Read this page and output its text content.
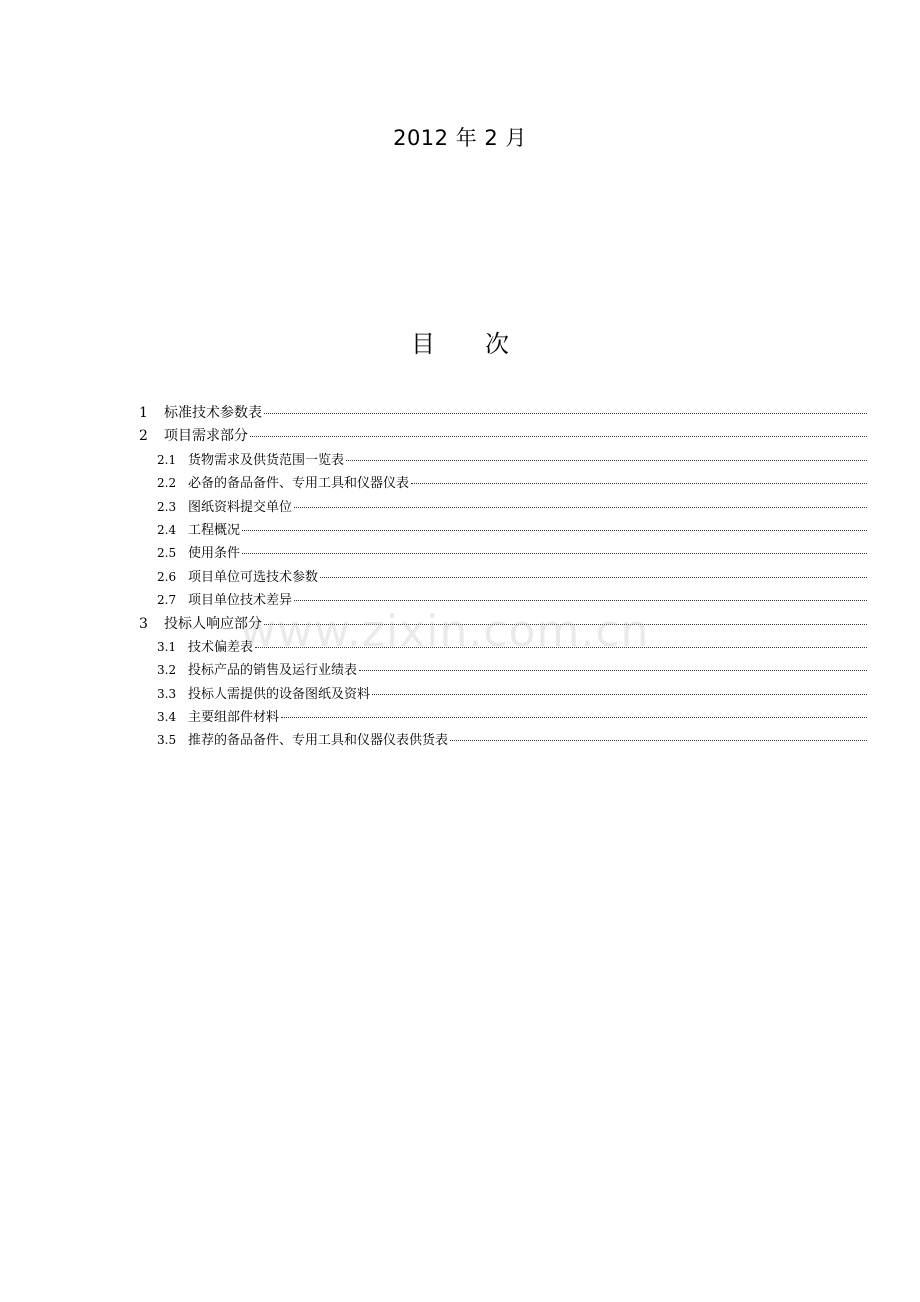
2012 年 2 月
目 次
1	标准技术参数表
2	项目需求部分
2.1 货物需求及供货范围一览表
2.2 必备的备品备件、专用工具和仪器仪表
2.3 图纸资料提交单位
2.4 工程概况
2.5 使用条件
2.6 项目单位可选技术参数
2.7 项目单位技术差异
3	投标人响应部分
3.1 技术偏差表
3.2 投标产品的销售及运行业绩表
3.3 投标人需提供的设备图纸及资料
3.4 主要组部件材料
3.5 推荐的备品备件、专用工具和仪器仪表供货表
www.zixin.com.cn
